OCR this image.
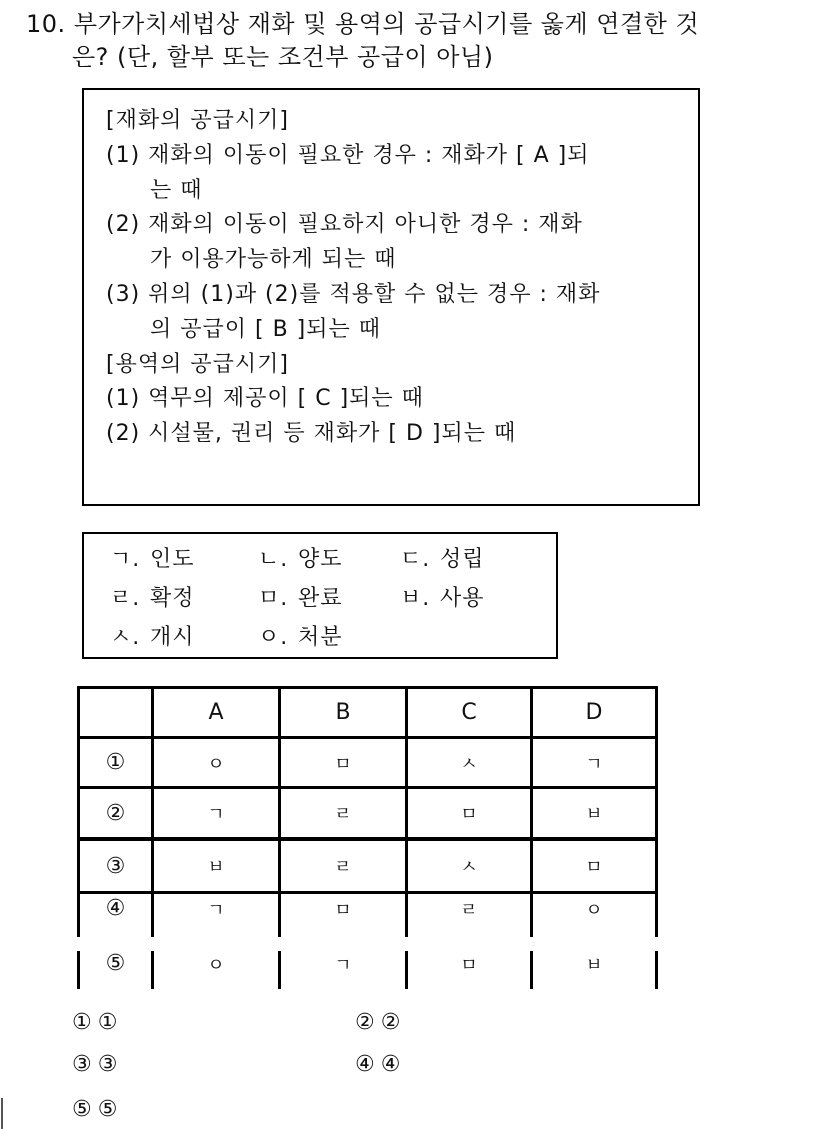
10. 부가가치세법상 재화 및 용역의 공급시기를 옳게 연결한 것
은? (단, 할부 또는 조건부 공급이 아님)
[재화의 공급시기]
(1) 재화의 이동이 필요한 경우 : 재화가 [ A ]되
는 때
(2) 재화의 이동이 필요하지 아니한 경우 : 재화
가 이용가능하게 되는 때
(3) 위의 (1)과 (2)를 적용할 수 없는 경우 : 재화
의 공급이 [ B ]되는 때
[용역의 공급시기]
(1) 역무의 제공이 [ C ]되는 때
(2) 시설물, 권리 등 재화가 [ D ]되는 때
ㄱ. 인도	ㄴ. 양도	ㄷ. 성립
ㄹ. 확정	ㅁ. 완료	ㅂ. 사용
ㅅ. 개시	ㅇ. 처분
A	B	C	D
①	ㅇ	ㅁ	ㅅ	ㄱ
②	ㄱ	ㄹ	ㅁ	ㅂ
③	ㅂ	ㄹ	ㅅ	ㅁ
④	ㄱ	ㅁ	ㄹ	ㅇ
⑤	ㅇ	ㄱ	ㅁ	ㅂ
①①	②②
③③	④④
⑤⑤
